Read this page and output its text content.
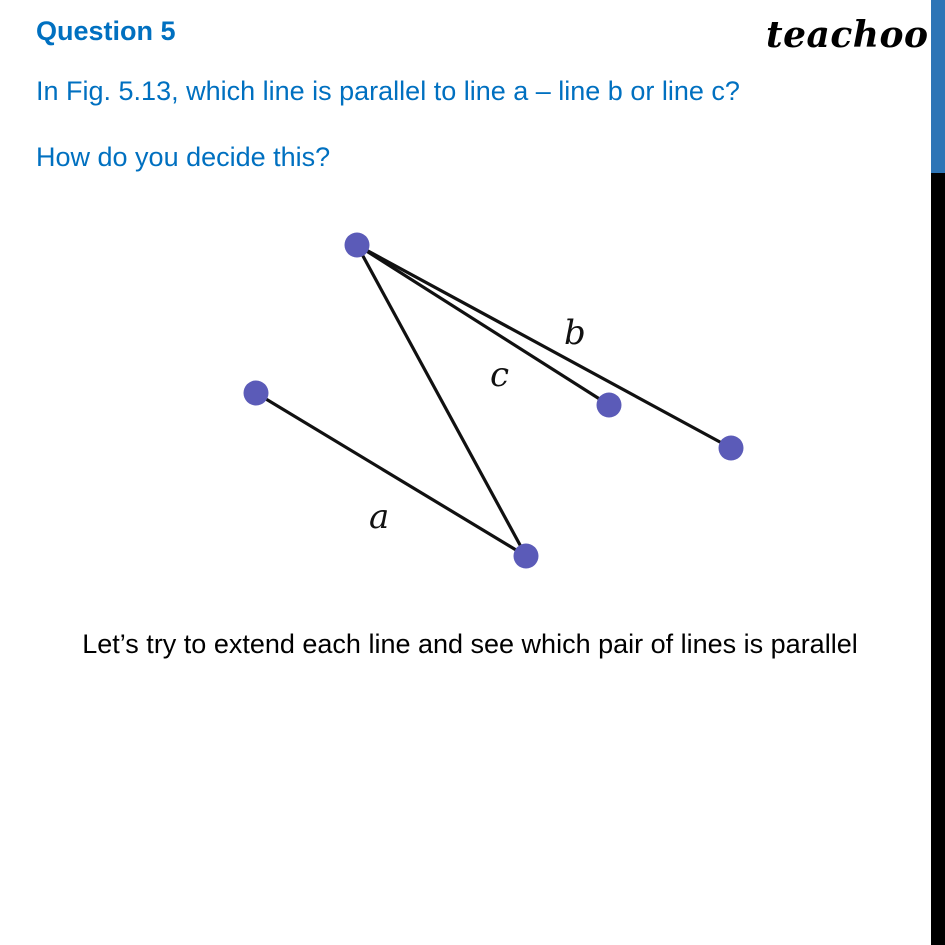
Question 5	teachoo
In Fig. 5.13, which line is parallel to line a – line b or line c?
How do you decide this?
b
c
a
Let’s try to extend each line and see which pair of lines is parallel
